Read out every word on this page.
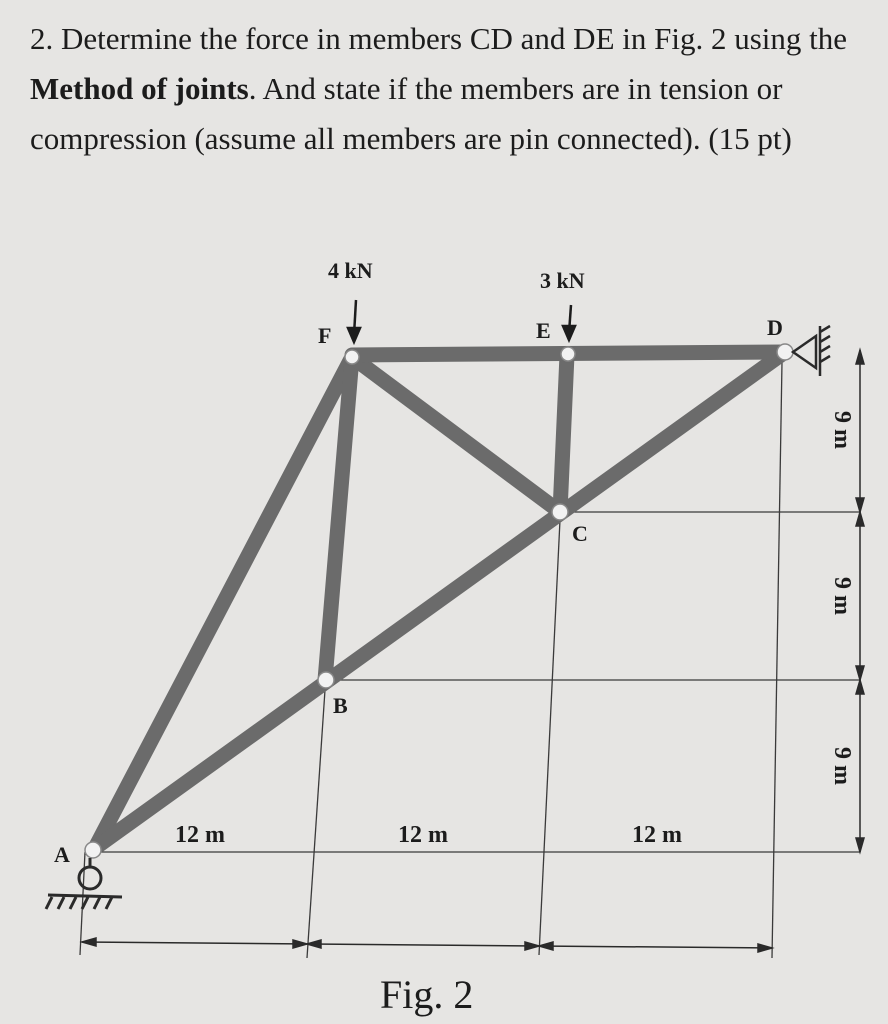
2. Determine the force in members CD and DE in Fig. 2 using the Method of joints. And state if the members are in tension or compression (assume all members are pin connected). (15 pt)
4 kN	3 kN
F	E	D
C
B
A
12 m	12 m	12 m
9 m
9 m
9 m
Fig. 2
